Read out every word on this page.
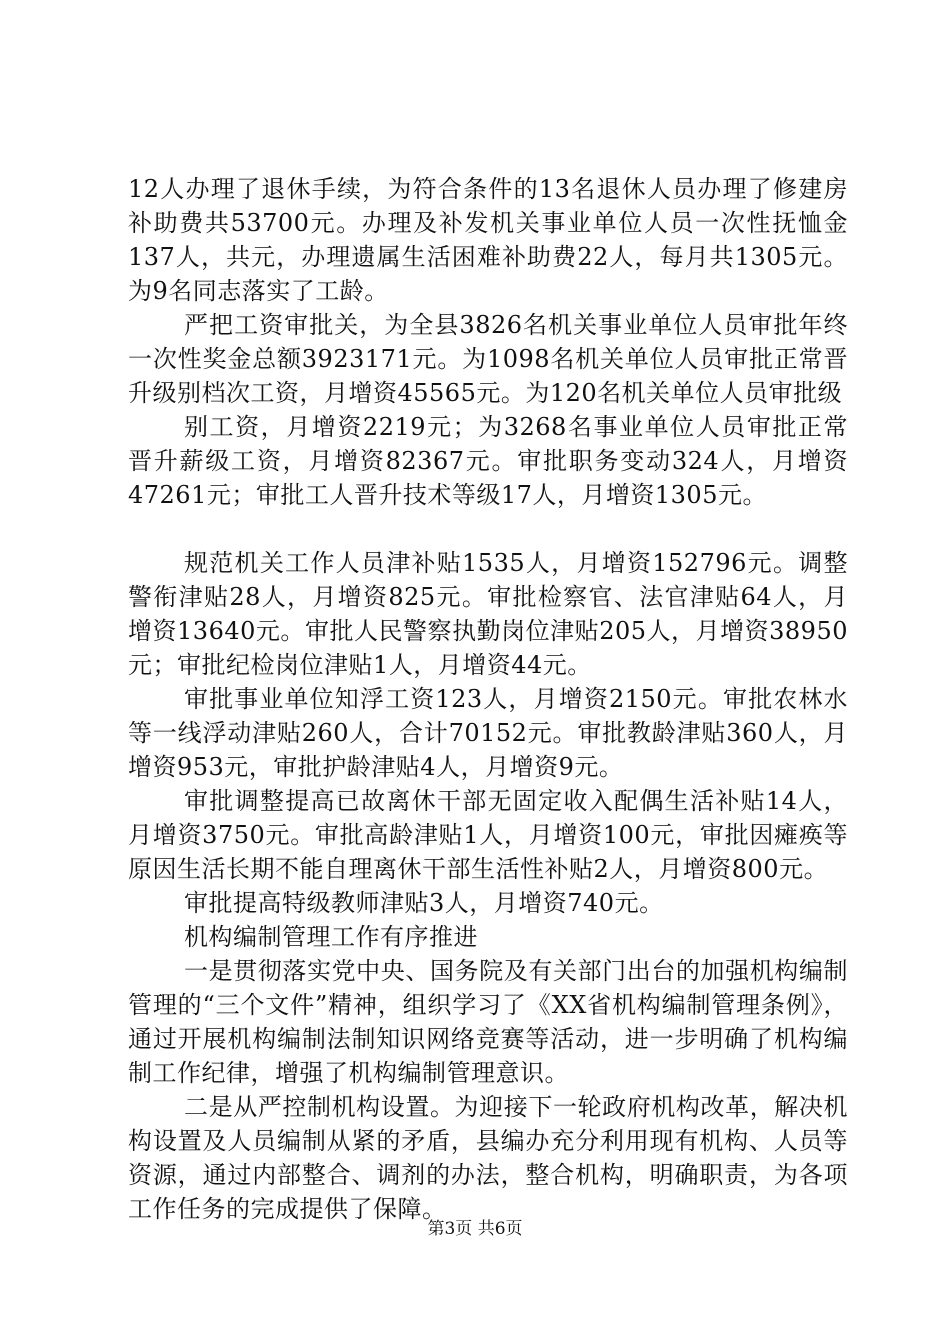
12人办理了退休手续，为符合条件的13名退休人员办理了修建房补助费共53700元。办理及补发机关事业单位人员一次性抚恤金137人，共元，办理遗属生活困难补助费22人，每月共1305元。为9名同志落实了工龄。

严把工资审批关，为全县3826名机关事业单位人员审批年终一次性奖金总额3923171元。为1098名机关单位人员审批正常晋升级别档次工资，月增资45565元。为120名机关单位人员审批级

别工资，月增资2219元；为3268名事业单位人员审批正常晋升薪级工资，月增资82367元。审批职务变动324人，月增资47261元；审批工人晋升技术等级17人，月增资1305元。

规范机关工作人员津补贴1535人，月增资152796元。调整警衔津贴28人，月增资825元。审批检察官、法官津贴64人，月增资13640元。审批人民警察执勤岗位津贴205人，月增资38950元；审批纪检岗位津贴1人，月增资44元。

审批事业单位知浮工资123人，月增资2150元。审批农林水等一线浮动津贴260人，合计70152元。审批教龄津贴360人，月增资953元，审批护龄津贴4人，月增资9元。

审批调整提高已故离休干部无固定收入配偶生活补贴14人，月增资3750元。审批高龄津贴1人，月增资100元，审批因瘫痪等原因生活长期不能自理离休干部生活性补贴2人，月增资800元。

审批提高特级教师津贴3人，月增资740元。

机构编制管理工作有序推进

一是贯彻落实党中央、国务院及有关部门出台的加强机构编制管理的“三个文件”精神，组织学习了《XX省机构编制管理条例》，通过开展机构编制法制知识网络竞赛等活动，进一步明确了机构编制工作纪律，增强了机构编制管理意识。

二是从严控制机构设置。为迎接下一轮政府机构改革，解决机构设置及人员编制从紧的矛盾，县编办充分利用现有机构、人员等资源，通过内部整合、调剂的办法，整合机构，明确职责，为各项工作任务的完成提供了保障。

第3页 共6页
